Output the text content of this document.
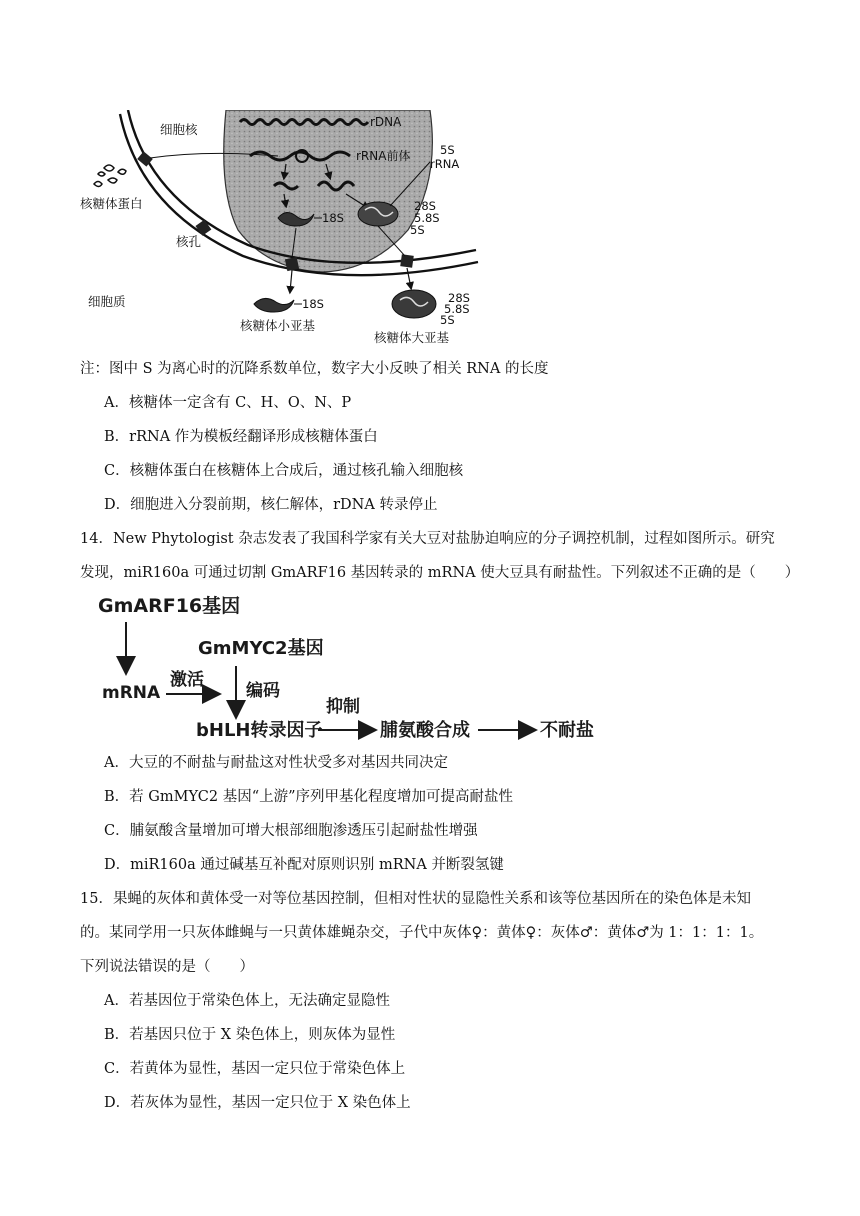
细胞核
核糖体蛋白
核孔
细胞质
rDNA
rRNA前体	5S
rRNA
18S
28S
5.8S
5S
18S
核糖体小亚基
28S
5.8S
5S
核糖体大亚基
注：图中 S 为离心时的沉降系数单位，数字大小反映了相关 RNA 的长度
A．核糖体一定含有 C、H、O、N、P
B．rRNA 作为模板经翻译形成核糖体蛋白
C．核糖体蛋白在核糖体上合成后，通过核孔输入细胞核
D．细胞进入分裂前期，核仁解体，rDNA 转录停止
14．New Phytologist 杂志发表了我国科学家有关大豆对盐胁迫响应的分子调控机制，过程如图所示。研究
发现，miR160a 可通过切割 GmARF16 基因转录的 mRNA 使大豆具有耐盐性。下列叙述不正确的是（　　）
GmARF16基因
GmMYC2基因
mRNA
激活
编码
bHLH转录因子
抑制
脯氨酸合成	不耐盐
A．大豆的不耐盐与耐盐这对性状受多对基因共同决定
B．若 GmMYC2 基因“上游”序列甲基化程度增加可提高耐盐性
C．脯氨酸含量增加可增大根部细胞渗透压引起耐盐性增强
D．miR160a 通过碱基互补配对原则识别 mRNA 并断裂氢键
15．果蝇的灰体和黄体受一对等位基因控制，但相对性状的显隐性关系和该等位基因所在的染色体是未知
的。某同学用一只灰体雌蝇与一只黄体雄蝇杂交，子代中灰体♀：黄体♀：灰体♂：黄体♂为 1：1：1：1。
下列说法错误的是（　　）
A．若基因位于常染色体上，无法确定显隐性
B．若基因只位于 X 染色体上，则灰体为显性
C．若黄体为显性，基因一定只位于常染色体上
D．若灰体为显性，基因一定只位于 X 染色体上
